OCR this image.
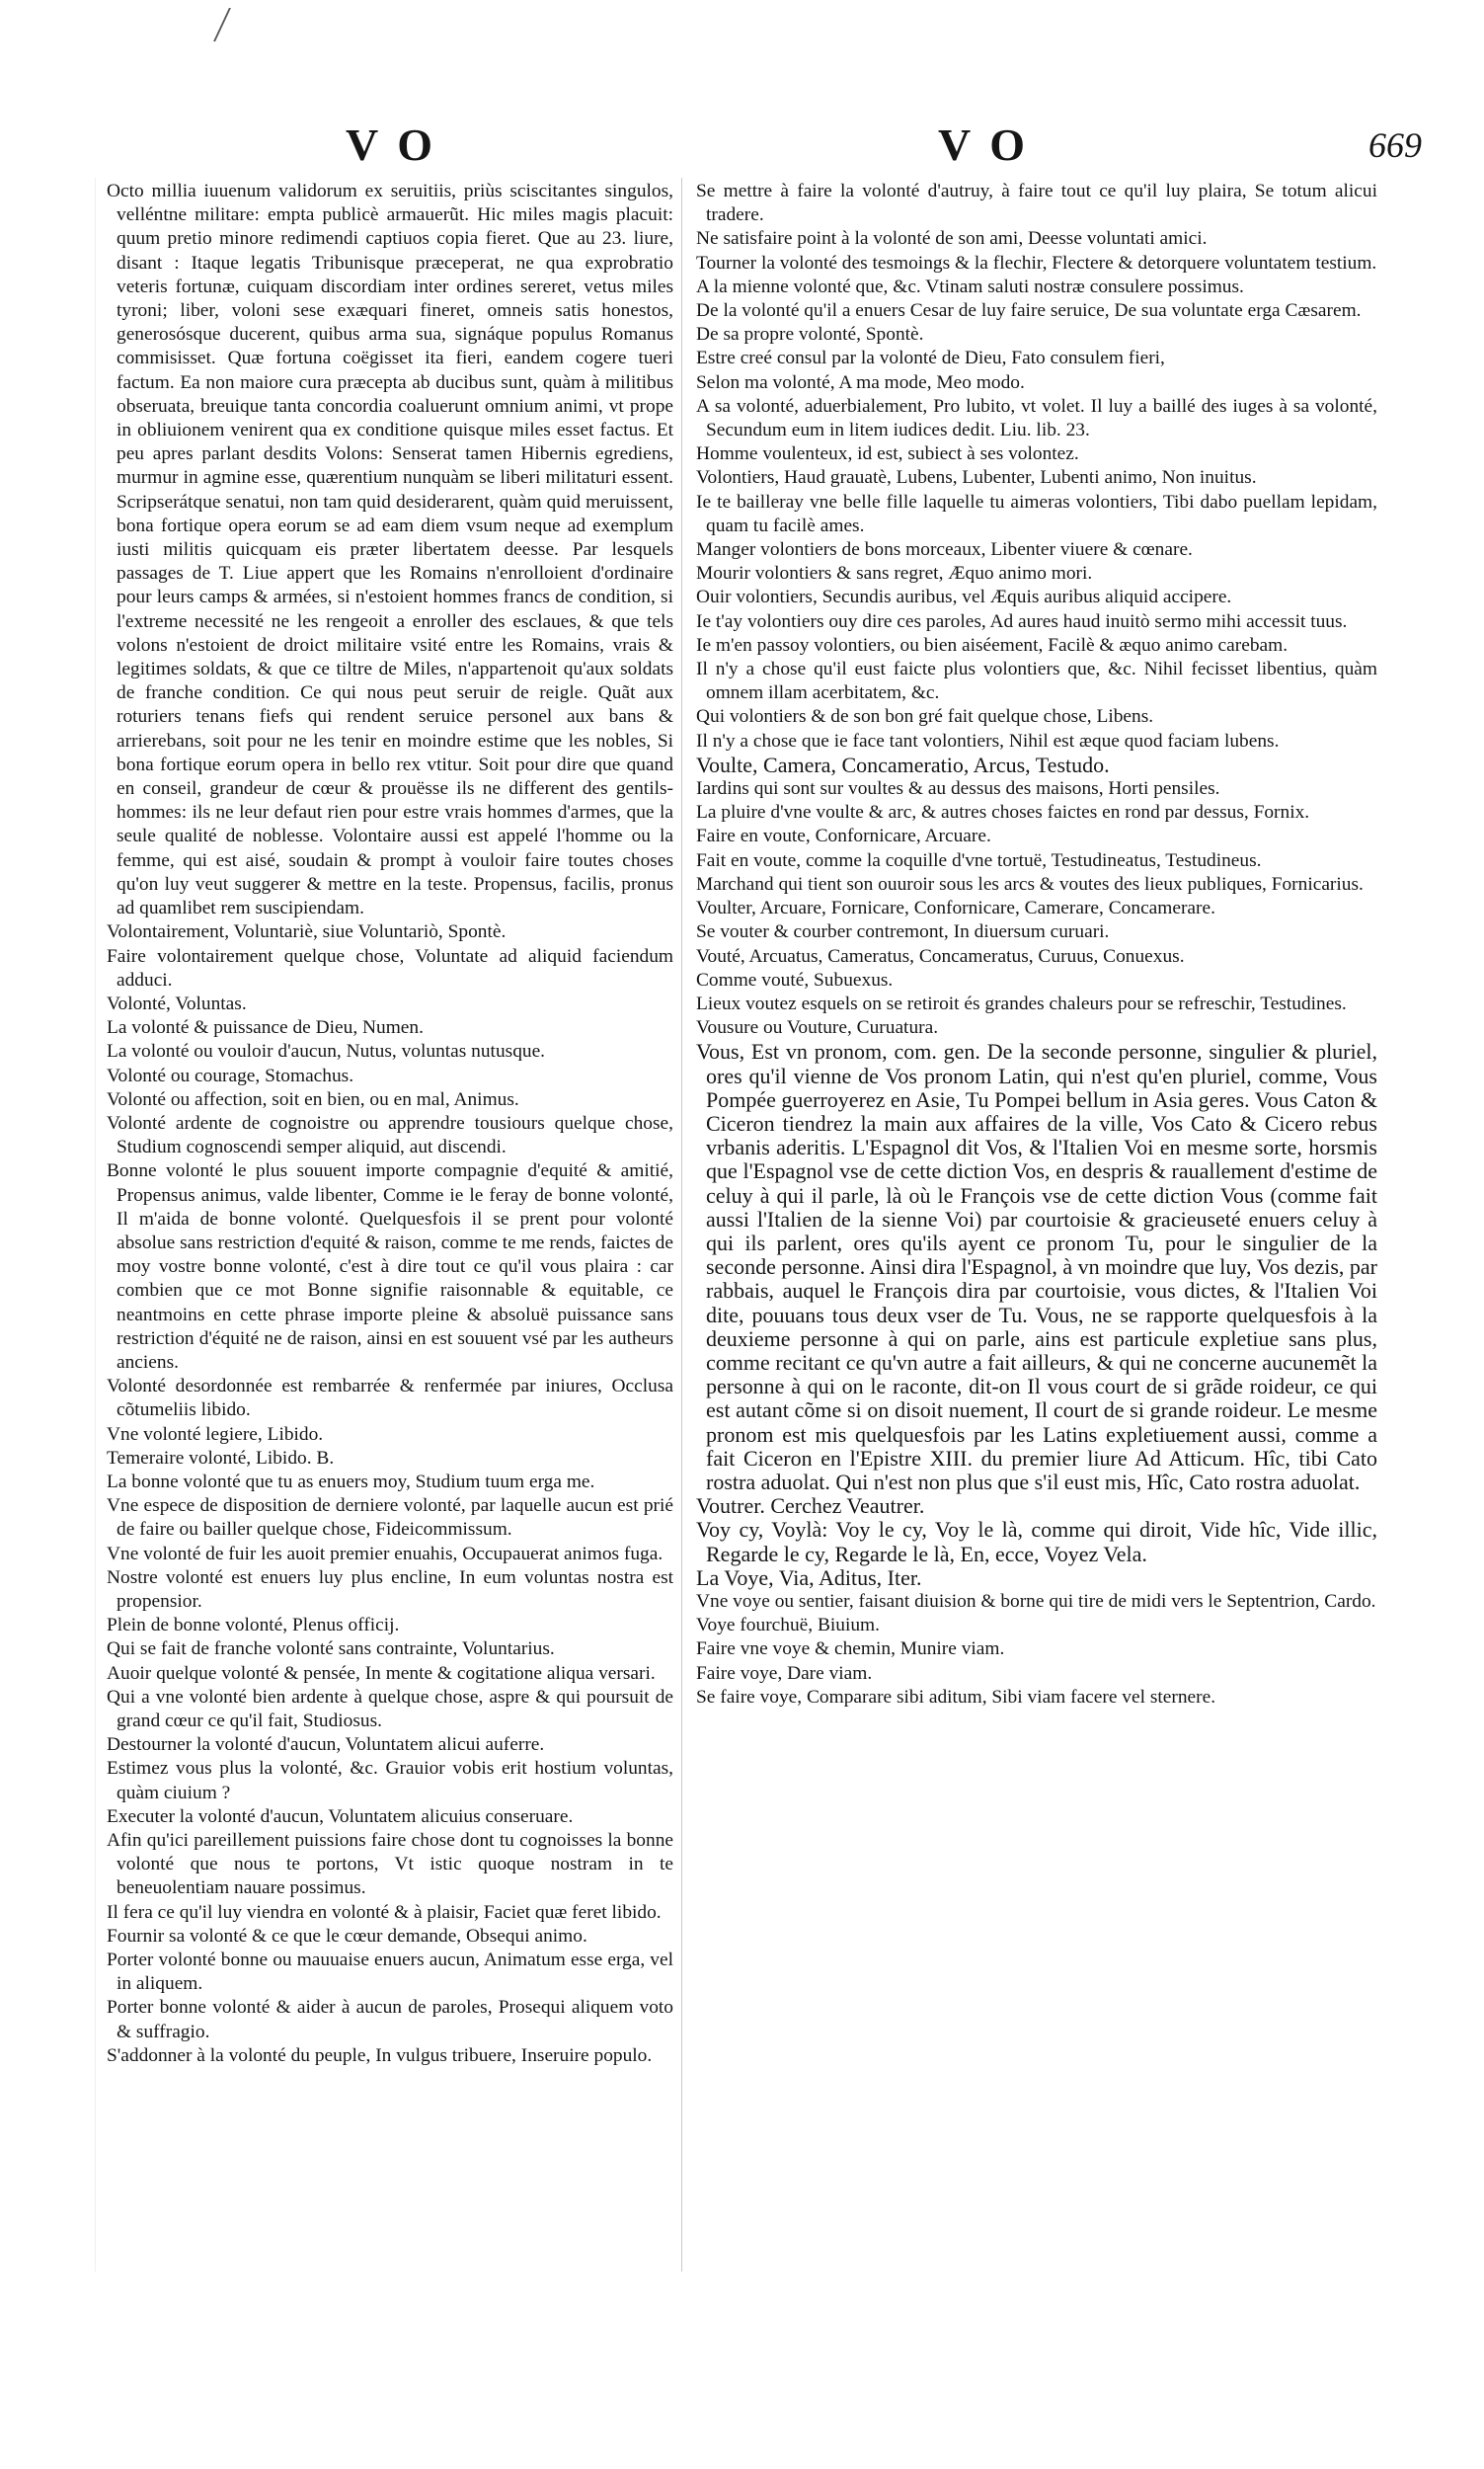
VO	VO	669

Octo millia iuuenum validorum ex seruitiis, priùs sciscitantes singulos, velléntne militare: empta publicè armauerũt. Hic miles magis placuit: quum pretio minore redimendi captiuos copia fieret. Que au 23. liure, disant : Itaque legatis Tribunisque præceperat, ne qua exprobratio veteris fortunæ, cuiquam discordiam inter ordines sereret, vetus miles tyroni; liber, voloni sese exæquari fineret, omneis satis honestos, generosósque ducerent, quibus arma sua, signáque populus Romanus commisisset. Quæ fortuna coëgisset ita fieri, eandem cogere tueri factum. Ea non maiore cura præcepta ab ducibus sunt, quàm à militibus obseruata, breuique tanta concordia coaluerunt omnium animi, vt prope in obliuionem venirent qua ex conditione quisque miles esset factus. Et peu apres parlant desdits Volons: Senserat tamen Hibernis egrediens, murmur in agmine esse, quærentium nunquàm se liberi militaturi essent. Scripserátque senatui, non tam quid desiderarent, quàm quid meruissent, bona fortique opera eorum se ad eam diem vsum neque ad exemplum iusti militis quicquam eis præter libertatem deesse. Par lesquels passages de T. Liue appert que les Romains n'enrolloient d'ordinaire pour leurs camps & armées, si n'estoient hommes francs de condition, si l'extreme necessité ne les rengeoit a enroller des esclaues, & que tels volons n'estoient de droict militaire vsité entre les Romains, vrais & legitimes soldats, & que ce tiltre de Miles, n'appartenoit qu'aux soldats de franche condition. Ce qui nous peut seruir de reigle. Quãt aux roturiers tenans fiefs qui rendent seruice personel aux bans & arrierebans, soit pour ne les tenir en moindre estime que les nobles, Si bona fortique eorum opera in bello rex vtitur. Soit pour dire que quand en conseil, grandeur de cœur & prouësse ils ne different des gentils-hommes: ils ne leur defaut rien pour estre vrais hommes d'armes, que la seule qualité de noblesse. Volontaire aussi est appelé l'homme ou la femme, qui est aisé, soudain & prompt à vouloir faire toutes choses qu'on luy veut suggerer & mettre en la teste. Propensus, facilis, pronus ad quamlibet rem suscipiendam.

Volontairement, Voluntariè, siue Voluntariò, Spontè.

Faire volontairement quelque chose, Voluntate ad aliquid faciendum adduci.

Volonté, Voluntas.

La volonté & puissance de Dieu, Numen.

La volonté ou vouloir d'aucun, Nutus, voluntas nutusque.

Volonté ou courage, Stomachus.

Volonté ou affection, soit en bien, ou en mal, Animus.

Volonté ardente de cognoistre ou apprendre tousiours quelque chose, Studium cognoscendi semper aliquid, aut discendi.

Bonne volonté le plus souuent importe compagnie d'equité & amitié, Propensus animus, valde libenter, Comme ie le feray de bonne volonté, Il m'aida de bonne volonté. Quelquesfois il se prent pour volonté absolue sans restriction d'equité & raison, comme te me rends, faictes de moy vostre bonne volonté, c'est à dire tout ce qu'il vous plaira : car combien que ce mot Bonne signifie raisonnable & equitable, ce neantmoins en cette phrase importe pleine & absoluë puissance sans restriction d'équité ne de raison, ainsi en est souuent vsé par les autheurs anciens.

Volonté desordonnée est rembarrée & renfermée par iniures, Occlusa cõtumeliis libido.

Vne volonté legiere, Libido.

Temeraire volonté, Libido. B.

La bonne volonté que tu as enuers moy, Studium tuum erga me.

Vne espece de disposition de derniere volonté, par laquelle aucun est prié de faire ou bailler quelque chose, Fideicommissum.

Vne volonté de fuir les auoit premier enuahis, Occupauerat animos fuga.

Nostre volonté est enuers luy plus encline, In eum voluntas nostra est propensior.

Plein de bonne volonté, Plenus officij.

Qui se fait de franche volonté sans contrainte, Voluntarius.

Auoir quelque volonté & pensée, In mente & cogitatione aliqua versari.

Qui a vne volonté bien ardente à quelque chose, aspre & qui poursuit de grand cœur ce qu'il fait, Studiosus.

Destourner la volonté d'aucun, Voluntatem alicui auferre.

Estimez vous plus la volonté, &c. Grauior vobis erit hostium voluntas, quàm ciuium ?

Executer la volonté d'aucun, Voluntatem alicuius conseruare.

Afin qu'ici pareillement puissions faire chose dont tu cognoisses la bonne volonté que nous te portons, Vt istic quoque nostram in te beneuolentiam nauare possimus.

Il fera ce qu'il luy viendra en volonté & à plaisir, Faciet quæ feret libido.

Fournir sa volonté & ce que le cœur demande, Obsequi animo.

Porter volonté bonne ou mauuaise enuers aucun, Animatum esse erga, vel in aliquem.

Porter bonne volonté & aider à aucun de paroles, Prosequi aliquem voto & suffragio.

S'addonner à la volonté du peuple, In vulgus tribuere, Inseruire populo.

Se mettre à faire la volonté d'autruy, à faire tout ce qu'il luy plaira, Se totum alicui tradere.

Ne satisfaire point à la volonté de son ami, Deesse voluntati amici.

Tourner la volonté des tesmoings & la flechir, Flectere & detorquere voluntatem testium.

A la mienne volonté que, &c. Vtinam saluti nostræ consulere possimus.

De la volonté qu'il a enuers Cesar de luy faire seruice, De sua voluntate erga Cæsarem.

De sa propre volonté, Spontè.

Estre creé consul par la volonté de Dieu, Fato consulem fieri,

Selon ma volonté, A ma mode, Meo modo.

A sa volonté, aduerbialement, Pro lubito, vt volet. Il luy a baillé des iuges à sa volonté, Secundum eum in litem iudices dedit. Liu. lib. 23.

Homme voulenteux, id est, subiect à ses volontez.

Volontiers, Haud grauatè, Lubens, Lubenter, Lubenti animo, Non inuitus.

Ie te bailleray vne belle fille laquelle tu aimeras volontiers, Tibi dabo puellam lepidam, quam tu facilè ames.

Manger volontiers de bons morceaux, Libenter viuere & cœnare.

Mourir volontiers & sans regret, Æquo animo mori.

Ouir volontiers, Secundis auribus, vel Æquis auribus aliquid accipere.

Ie t'ay volontiers ouy dire ces paroles, Ad aures haud inuitò sermo mihi accessit tuus.

Ie m'en passoy volontiers, ou bien aiséement, Facilè & æquo animo carebam.

Il n'y a chose qu'il eust faicte plus volontiers que, &c. Nihil fecisset libentius, quàm omnem illam acerbitatem, &c.

Qui volontiers & de son bon gré fait quelque chose, Libens.

Il n'y a chose que ie face tant volontiers, Nihil est æque quod faciam lubens.

Voulte, Camera, Concameratio, Arcus, Testudo.

Iardins qui sont sur voultes & au dessus des maisons, Horti pensiles.

La pluire d'vne voulte & arc, & autres choses faictes en rond par dessus, Fornix.

Faire en voute, Confornicare, Arcuare.

Fait en voute, comme la coquille d'vne tortuë, Testudineatus, Testudineus.

Marchand qui tient son ouuroir sous les arcs & voutes des lieux publiques, Fornicarius.

Voulter, Arcuare, Fornicare, Confornicare, Camerare, Concamerare.

Se vouter & courber contremont, In diuersum curuari.

Vouté, Arcuatus, Cameratus, Concameratus, Curuus, Conuexus.

Comme vouté, Subuexus.

Lieux voutez esquels on se retiroit és grandes chaleurs pour se refreschir, Testudines.

Vousure ou Vouture, Curuatura.

Vous, Est vn pronom, com. gen. De la seconde personne, singulier & pluriel, ores qu'il vienne de Vos pronom Latin, qui n'est qu'en pluriel, comme, Vous Pompée guerroyerez en Asie, Tu Pompei bellum in Asia geres. Vous Caton & Ciceron tiendrez la main aux affaires de la ville, Vos Cato & Cicero rebus vrbanis aderitis. L'Espagnol dit Vos, & l'Italien Voi en mesme sorte, horsmis que l'Espagnol vse de cette diction Vos, en despris & rauallement d'estime de celuy à qui il parle, là où le François vse de cette diction Vous (comme fait aussi l'Italien de la sienne Voi) par courtoisie & gracieuseté enuers celuy à qui ils parlent, ores qu'ils ayent ce pronom Tu, pour le singulier de la seconde personne. Ainsi dira l'Espagnol, à vn moindre que luy, Vos dezis, par rabbais, auquel le François dira par courtoisie, vous dictes, & l'Italien Voi dite, pouuans tous deux vser de Tu. Vous, ne se rapporte quelquesfois à la deuxieme personne à qui on parle, ains est particule expletiue sans plus, comme recitant ce qu'vn autre a fait ailleurs, & qui ne concerne aucunemẽt la personne à qui on le raconte, dit-on Il vous court de si grãde roideur, ce qui est autant cõme si on disoit nuement, Il court de si grande roideur. Le mesme pronom est mis quelquesfois par les Latins expletiuement aussi, comme a fait Ciceron en l'Epistre XIII. du premier liure Ad Atticum. Hîc, tibi Cato rostra aduolat. Qui n'est non plus que s'il eust mis, Hîc, Cato rostra aduolat.

Voutrer. Cerchez Veautrer.

Voy cy, Voylà: Voy le cy, Voy le là, comme qui diroit, Vide hîc, Vide illic, Regarde le cy, Regarde le là, En, ecce, Voyez Vela.

La Voye, Via, Aditus, Iter.

Vne voye ou sentier, faisant diuision & borne qui tire de midi vers le Septentrion, Cardo.

Voye fourchuë, Biuium.

Faire vne voye & chemin, Munire viam.

Faire voye, Dare viam.

Se faire voye, Comparare sibi aditum, Sibi viam facere vel sternere.
